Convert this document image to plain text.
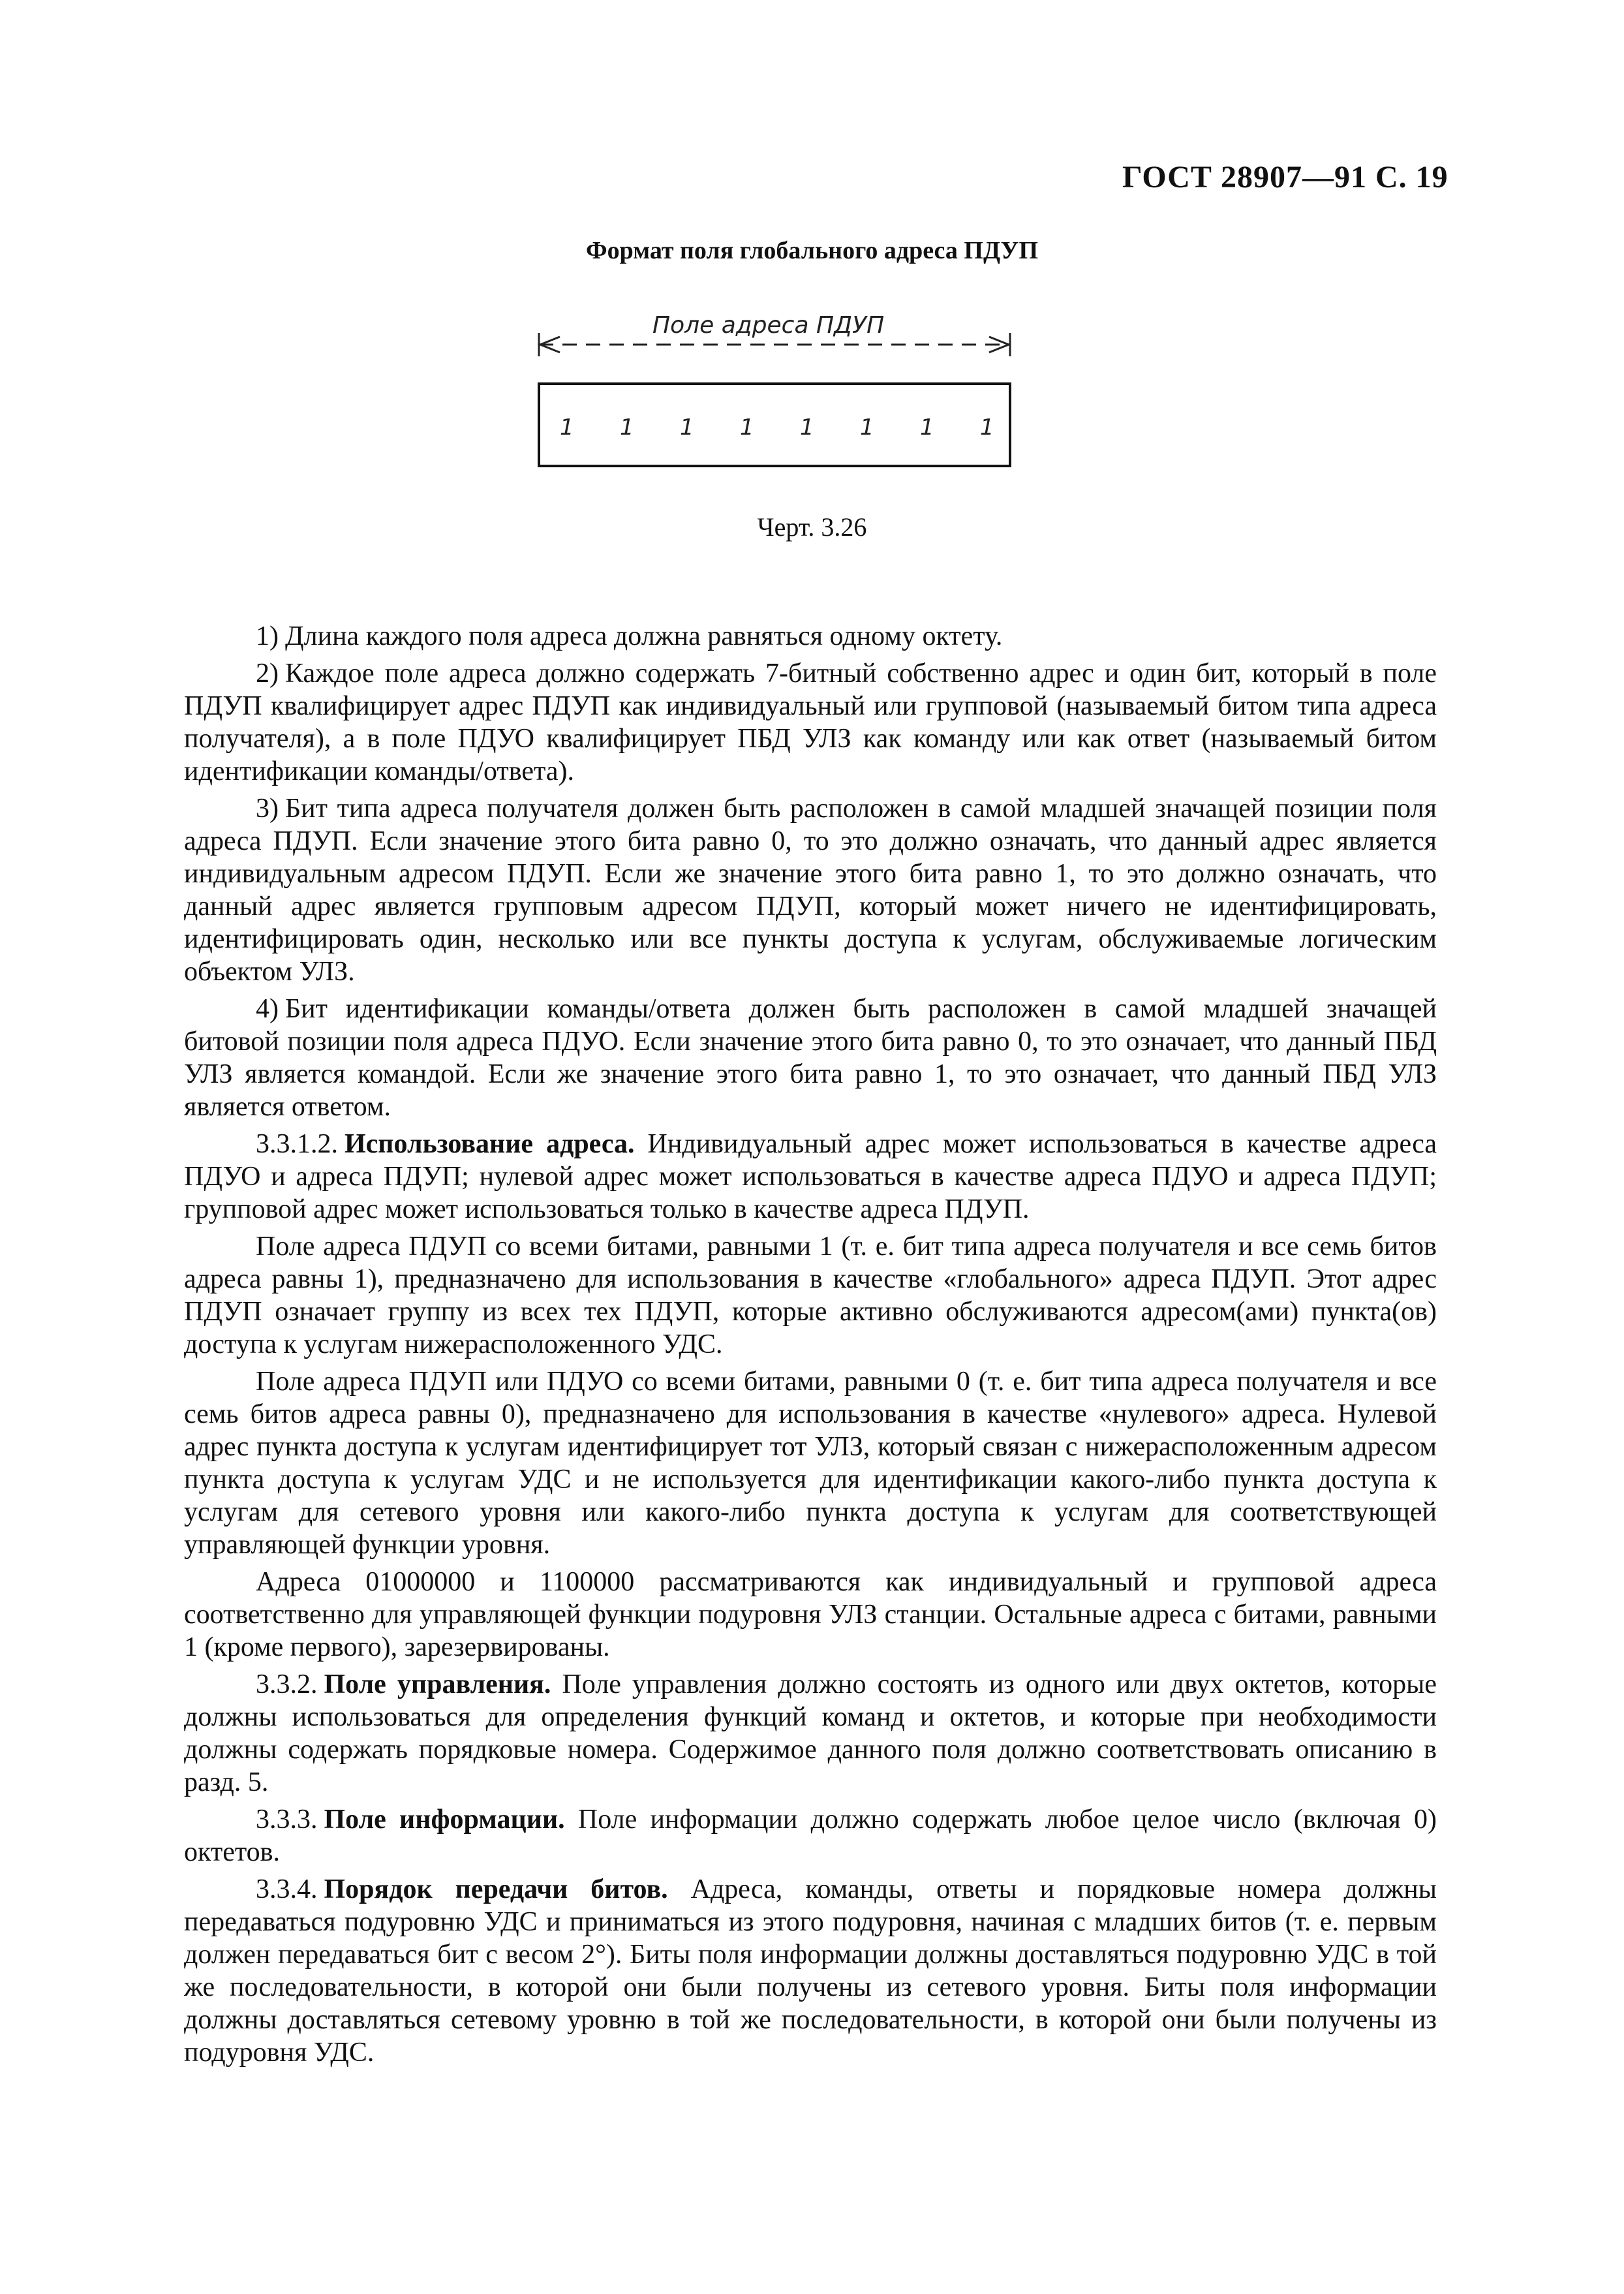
ГОСТ 28907—91 С. 19
Формат поля глобального адреса ПДУП
Поле адреса ПДУП
1 1 1 1 1 1 1 1
Черт. 3.26

1) Длина каждого поля адреса должна равняться одному октету.

2) Каждое поле адреса должно содержать 7-битный собственно адрес и один бит, который в поле ПДУП квалифицирует адрес ПДУП как индивидуальный или групповой (называемый битом типа адреса получателя), а в поле ПДУО квалифицирует ПБД УЛЗ как команду или как ответ (называемый битом идентификации команды/ответа).

3) Бит типа адреса получателя должен быть расположен в самой младшей значащей позиции поля адреса ПДУП. Если значение этого бита равно 0, то это должно означать, что данный адрес является индивидуальным адресом ПДУП. Если же значение этого бита равно 1, то это должно означать, что данный адрес является групповым адресом ПДУП, который может ничего не идентифицировать, идентифицировать один, несколько или все пункты доступа к услугам, обслуживаемые логическим объектом УЛЗ.

4) Бит идентификации команды/ответа должен быть расположен в самой младшей значащей битовой позиции поля адреса ПДУО. Если значение этого бита равно 0, то это означает, что данный ПБД УЛЗ является командой. Если же значение этого бита равно 1, то это означает, что данный ПБД УЛЗ является ответом.

3.3.1.2. Использование адреса. Индивидуальный адрес может использоваться в качестве адреса ПДУО и адреса ПДУП; нулевой адрес может использоваться в качестве адреса ПДУО и адреса ПДУП; групповой адрес может использоваться только в качестве адреса ПДУП.

Поле адреса ПДУП со всеми битами, равными 1 (т. е. бит типа адреса получателя и все семь битов адреса равны 1), предназначено для использования в качестве «глобального» адреса ПДУП. Этот адрес ПДУП означает группу из всех тех ПДУП, которые активно обслуживаются адресом(ами) пункта(ов) доступа к услугам нижерасположенного УДС.

Поле адреса ПДУП или ПДУО со всеми битами, равными 0 (т. е. бит типа адреса получателя и все семь битов адреса равны 0), предназначено для использования в качестве «нулевого» адреса. Нулевой адрес пункта доступа к услугам идентифицирует тот УЛЗ, который связан с нижерасположенным адресом пункта доступа к услугам УДС и не используется для идентификации какого-либо пункта доступа к услугам для сетевого уровня или какого-либо пункта доступа к услугам для соответствующей управляющей функции уровня.

Адреса 01000000 и 1100000 рассматриваются как индивидуальный и групповой адреса соответственно для управляющей функции подуровня УЛЗ станции. Остальные адреса с битами, равными 1 (кроме первого), зарезервированы.

3.3.2. Поле управления. Поле управления должно состоять из одного или двух октетов, которые должны использоваться для определения функций команд и октетов, и которые при необходимости должны содержать порядковые номера. Содержимое данного поля должно соответствовать описанию в разд. 5.

3.3.3. Поле информации. Поле информации должно содержать любое целое число (включая 0) октетов.

3.3.4. Порядок передачи битов. Адреса, команды, ответы и порядковые номера должны передаваться подуровню УДС и приниматься из этого подуровня, начиная с младших битов (т. е. первым должен передаваться бит с весом 2°). Биты поля информации должны доставляться подуровню УДС в той же последовательности, в которой они были получены из сетевого уровня. Биты поля информации должны доставляться сетевому уровню в той же последовательности, в которой они были получены из подуровня УДС.
